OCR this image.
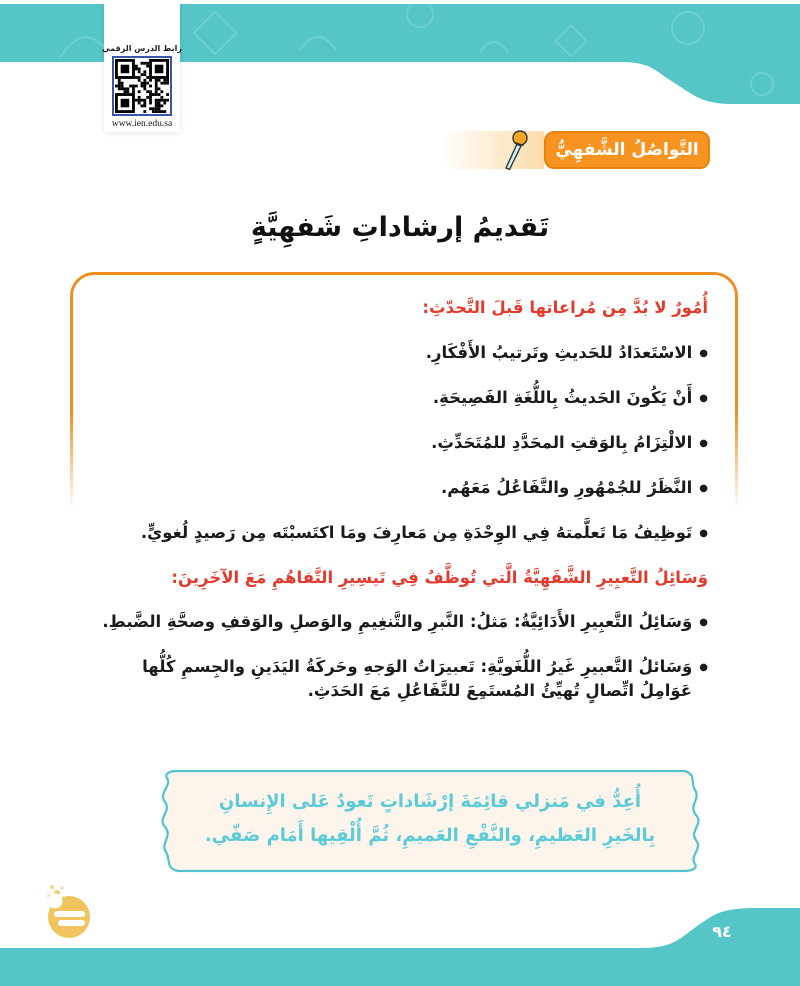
رابط الدرس الرقمي
www.ien.edu.sa
التَّواصُلُ الشَّفهِيُّ
تَقديمُ إرشاداتِ شَفهِيَّةٍ
أُمُورٌ لا بُدَّ مِن مُراعاتها قَبلَ التَّحدّثِ:
● الاسْتَعدَادُ للحَديثِ وتَرتيبُ الأَفْكَارِ.
● أَنْ يَكُونَ الحَديثُ بِاللُّغَةِ الفَصِيحَةِ.
● الالْتِزَامُ بِالوَقتِ المحَدَّدِ للمُتَحَدِّثِ.
● النَّظَرُ للجُمْهُورِ والتَّفَاعُلُ مَعَهُم.
● تَوظِيفُ مَا تَعلَّمتهُ فِي الوِحْدَةِ مِن مَعارِفَ ومَا اكتَسبْتَه مِن رَصيدٍ لُغويٍّ.
وَسَائِلُ التَّعبِيرِ الشَّفَهِيَّةُ الَّتي تُوظَّفُ فِي تَيسِيرِ التَّفاهُمِ مَعَ الآخَرِينَ:
● وَسَائِلُ التَّعبِيرِ الأَدَائِيَّةُ: مَثلُ: النَّبرِ والتَّنغِيمِ والوَصلِ والوَقفِ وصحَّةِ الضَّبطِ.
● وَسَائلُ التَّعبيرِ غَيرُ اللُّغَويَّةِ: تَعبيرَاتُ الوَجهِ وحَركَةُ اليَدَينِ والجِسمِ كُلُّها عَوَامِلُ اتِّصالٍ تُهيِّئُ المُستَمِعَ للتَّفَاعُلِ مَعَ الحَدَثِ.
أُعِدُّ في مَنزلي قائِمَةَ إرْشَاداتٍ تَعودُ عَلى الإِنسانِ بِالخَيرِ العَظيمِ، والنَّفْعِ العَميمِ، ثُمَّ أُلْقِيها أَمَام صَفّي.
٩٤
